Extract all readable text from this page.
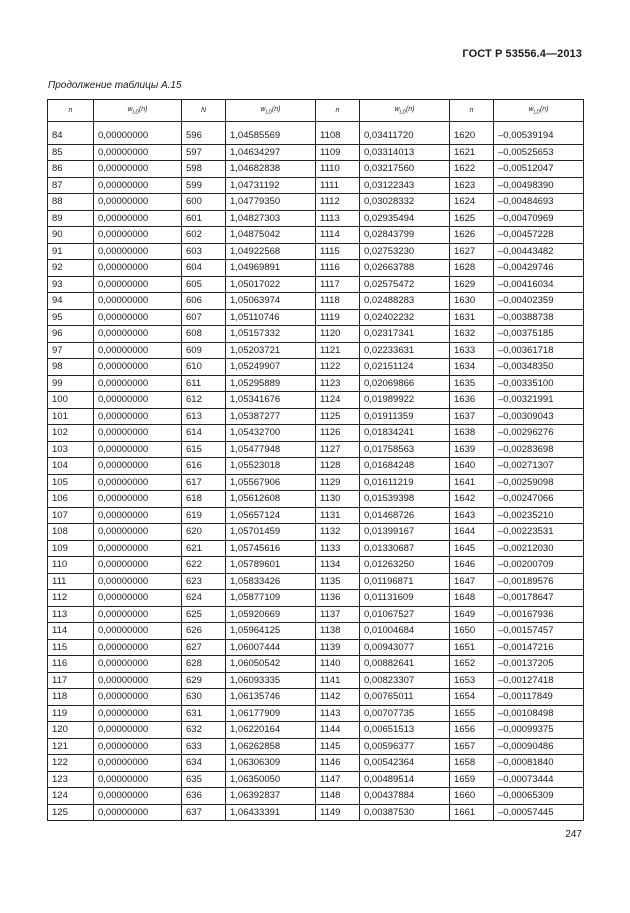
ГОСТ Р 53556.4—2013
Продолжение таблицы А.15
n	$w_{LD}(n)$	N	$w_{LD}(n)$	n	$w_{LD}(n)$	n	$w_{LD}(n)$

84	0,00000000	596	1,04585569	1108	0,03411720	1620	–0,00539194
85	0,00000000	597	1,04634297	1109	0,03314013	1621	–0,00525653
86	0,00000000	598	1,04682838	1110	0,03217560	1622	–0,00512047
87	0,00000000	599	1,04731192	1111	0,03122343	1623	–0,00498390
88	0,00000000	600	1,04779350	1112	0,03028332	1624	–0,00484693
89	0,00000000	601	1,04827303	1113	0,02935494	1625	–0,00470969
90	0,00000000	602	1,04875042	1114	0,02843799	1626	–0,00457228
91	0,00000000	603	1,04922568	1115	0,02753230	1627	–0,00443482
92	0,00000000	604	1,04969891	1116	0,02663788	1628	–0,00429746
93	0,00000000	605	1,05017022	1117	0,02575472	1629	–0,00416034
94	0,00000000	606	1,05063974	1118	0,02488283	1630	–0,00402359
95	0,00000000	607	1,05110746	1119	0,02402232	1631	–0,00388738
96	0,00000000	608	1,05157332	1120	0,02317341	1632	–0,00375185
97	0,00000000	609	1,05203721	1121	0,02233631	1633	–0,00361718
98	0,00000000	610	1,05249907	1122	0,02151124	1634	–0,00348350
99	0,00000000	611	1,05295889	1123	0,02069866	1635	–0,00335100
100	0,00000000	612	1,05341676	1124	0,01989922	1636	–0,00321991
101	0,00000000	613	1,05387277	1125	0,01911359	1637	–0,00309043
102	0,00000000	614	1,05432700	1126	0,01834241	1638	–0,00296276
103	0,00000000	615	1,05477948	1127	0,01758563	1639	–0,00283698
104	0,00000000	616	1,05523018	1128	0,01684248	1640	–0,00271307
105	0,00000000	617	1,05567906	1129	0,01611219	1641	–0,00259098
106	0,00000000	618	1,05612608	1130	0,01539398	1642	–0,00247066
107	0,00000000	619	1,05657124	1131	0,01468726	1643	–0,00235210
108	0,00000000	620	1,05701459	1132	0,01399167	1644	–0,00223531
109	0,00000000	621	1,05745616	1133	0,01330687	1645	–0,00212030
110	0,00000000	622	1,05789601	1134	0,01263250	1646	–0,00200709
111	0,00000000	623	1,05833426	1135	0,01196871	1647	–0,00189576
112	0,00000000	624	1,05877109	1136	0,01131609	1648	–0,00178647
113	0,00000000	625	1,05920669	1137	0,01067527	1649	–0,00167936
114	0,00000000	626	1,05964125	1138	0,01004684	1650	–0,00157457
115	0,00000000	627	1,06007444	1139	0,00943077	1651	–0,00147216
116	0,00000000	628	1,06050542	1140	0,00882641	1652	–0,00137205
117	0,00000000	629	1,06093335	1141	0,00823307	1653	–0,00127418
118	0,00000000	630	1,06135746	1142	0,00765011	1654	–0,00117849
119	0,00000000	631	1,06177909	1143	0,00707735	1655	–0,00108498
120	0,00000000	632	1,06220164	1144	0,00651513	1656	–0,00099375
121	0,00000000	633	1,06262858	1145	0,00596377	1657	–0,00090486
122	0,00000000	634	1,06306309	1146	0,00542364	1658	–0,00081840
123	0,00000000	635	1,06350050	1147	0,00489514	1659	–0,00073444
124	0,00000000	636	1,06392837	1148	0,00437884	1660	–0,00065309
125	0,00000000	637	1,06433391	1149	0,00387530	1661	–0,00057445
247
